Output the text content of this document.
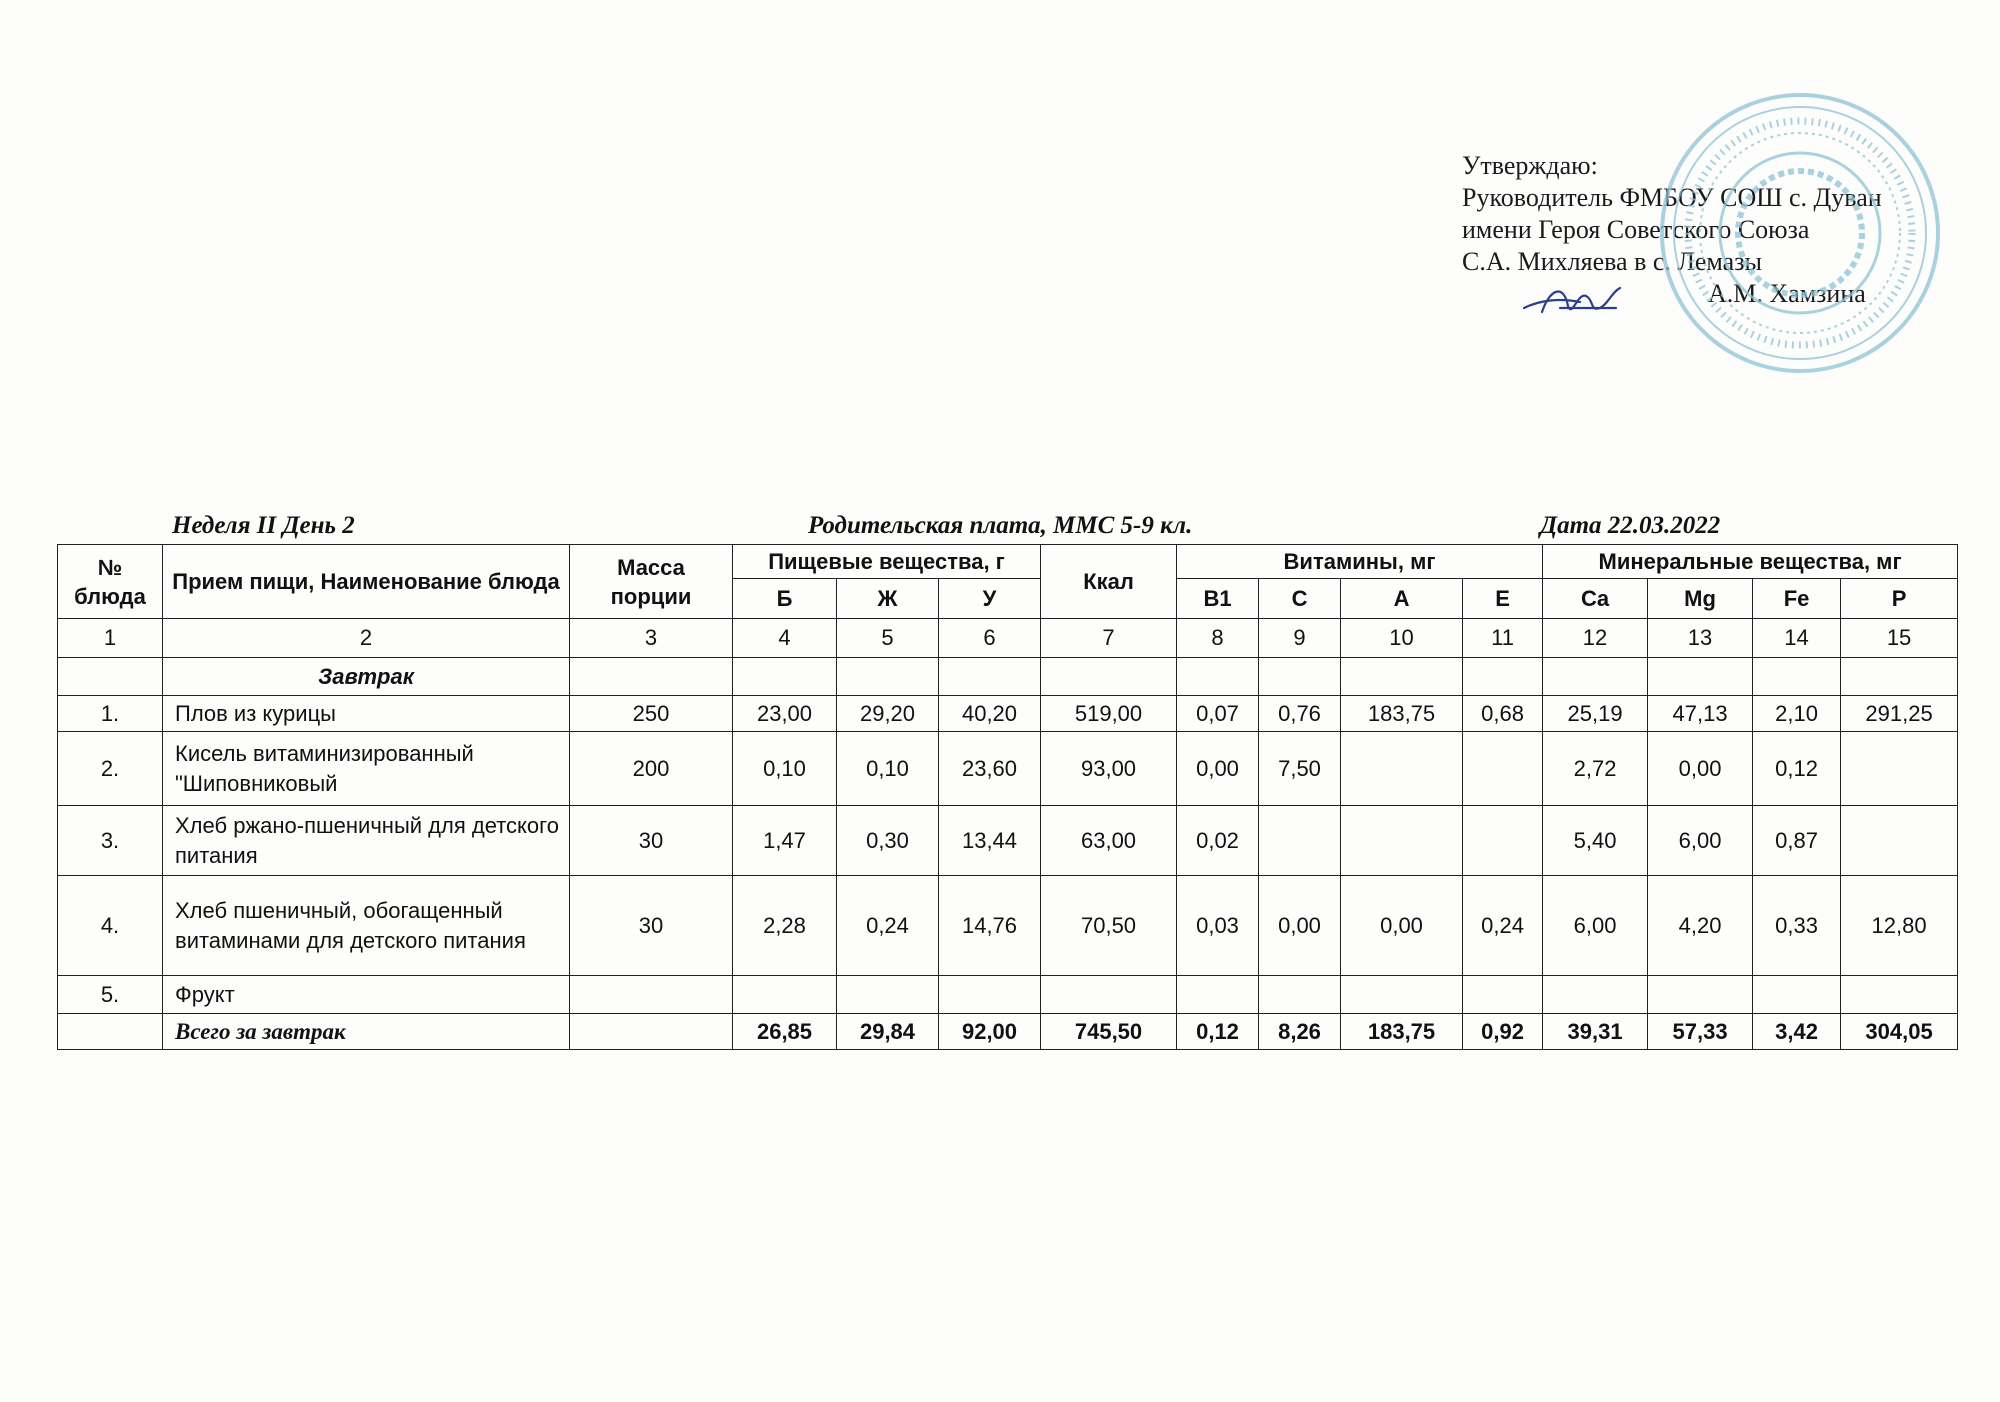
Утверждаю:
Руководитель ФМБОУ СОШ с. Дуван
имени Героя Советского Союза
С.А. Михляева в с. Лемазы
А.М. Хамзина
Неделя II День 2	Родительская плата, ММС 5-9 кл.	Дата 22.03.2022
№ блюда	Прием пищи, Наименование блюда	Масса порции	Пищевые вещества, г			Ккал	Витамины, мг				Минеральные вещества, мг			
			Б	Ж	У		B1	C	A	E	Ca	Mg	Fe	P
1	2	3	4	5	6	7	8	9	10	11	12	13	14	15
	Завтрак													
1.	Плов из курицы	250	23,00	29,20	40,20	519,00	0,07	0,76	183,75	0,68	25,19	47,13	2,10	291,25
2.	Кисель витаминизированный "Шиповниковый	200	0,10	0,10	23,60	93,00	0,00	7,50			2,72	0,00	0,12	
3.	Хлеб ржано-пшеничный для детского питания	30	1,47	0,30	13,44	63,00	0,02				5,40	6,00	0,87	
4.	Хлеб пшеничный, обогащенный витаминами для детского питания	30	2,28	0,24	14,76	70,50	0,03	0,00	0,00	0,24	6,00	4,20	0,33	12,80
5.	Фрукт													
	Всего за завтрак		26,85	29,84	92,00	745,50	0,12	8,26	183,75	0,92	39,31	57,33	3,42	304,05
